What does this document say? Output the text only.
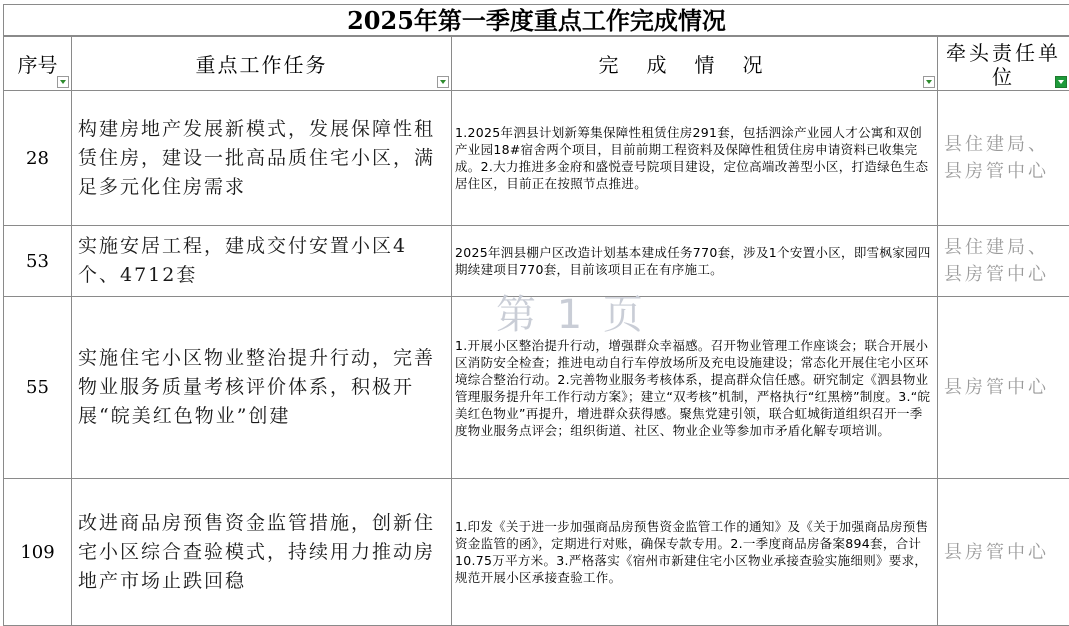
2025年第一季度重点工作完成情况
序号	重点工作任务	完成情况	牵头责任单位

28	构建房地产发展新模式，发展保障性租赁住房，建设一批高品质住宅小区，满足多元化住房需求	1.2025年泗县计划新筹集保障性租赁住房291套，包括泗涂产业园人才公寓和双创产业园18#宿舍两个项目，目前前期工程资料及保障性租赁住房申请资料已收集完成。2.大力推进多金府和盛悦壹号院项目建设，定位高端改善型小区，打造绿色生态居住区，目前正在按照节点推进。	县住建局、县房管中心
53	实施安居工程，建成交付安置小区4个、4712套	2025年泗县棚户区改造计划基本建成任务770套，涉及1个安置小区，即雪枫家园四期续建项目770套，目前该项目正在有序施工。	县住建局、县房管中心
55	实施住宅小区物业整治提升行动，完善物业服务质量考核评价体系，积极开展“皖美红色物业”创建	1.开展小区整治提升行动，增强群众幸福感。召开物业管理工作座谈会；联合开展小区消防安全检查；推进电动自行车停放场所及充电设施建设；常态化开展住宅小区环境综合整治行动。2.完善物业服务考核体系，提高群众信任感。研究制定《泗县物业管理服务提升年工作行动方案》；建立“双考核”机制，严格执行“红黑榜”制度。3.“皖美红色物业”再提升，增进群众获得感。聚焦党建引领，联合虹城街道组织召开一季度物业服务点评会；组织街道、社区、物业企业等参加市矛盾化解专项培训。	县房管中心
109	改进商品房预售资金监管措施，创新住宅小区综合查验模式，持续用力推动房地产市场止跌回稳	1.印发《关于进一步加强商品房预售资金监管工作的通知》及《关于加强商品房预售资金监管的函》，定期进行对账，确保专款专用。2.一季度商品房备案894套，合计10.75万平方米。3.严格落实《宿州市新建住宅小区物业承接查验实施细则》要求，规范开展小区承接查验工作。	县房管中心
第 1 页
